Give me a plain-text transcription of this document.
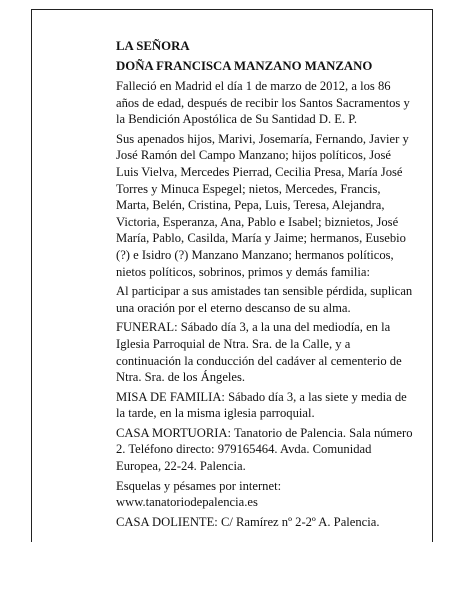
LA SEÑORA

DOÑA FRANCISCA MANZANO MANZANO

Falleció en Madrid el día 1 de marzo de 2012, a los 86 años de edad, después de recibir los Santos Sacramentos y la Bendición Apostólica de Su Santidad D. E. P.

Sus apenados hijos, Marivi, Josemaría, Fernando, Javier y José Ramón del Campo Manzano; hijos políticos, José Luis Vielva, Mercedes Pierrad, Cecilia Presa, María José Torres y Minuca Espegel; nietos, Mercedes, Francis, Marta, Belén, Cristina, Pepa, Luis, Teresa, Alejandra, Victoria, Esperanza, Ana, Pablo e Isabel; biznietos, José María, Pablo, Casilda, María y Jaime; hermanos, Eusebio (?) e Isidro (?) Manzano Manzano; hermanos políticos, nietos políticos, sobrinos, primos y demás familia:

Al participar a sus amistades tan sensible pérdida, suplican una oración por el eterno descanso de su alma.

FUNERAL: Sábado día 3, a la una del mediodía, en la Iglesia Parroquial de Ntra. Sra. de la Calle, y a continuación la conducción del cadáver al cementerio de Ntra. Sra. de los Ángeles.

MISA DE FAMILIA: Sábado día 3, a las siete y media de la tarde, en la misma iglesia parroquial.

CASA MORTUORIA: Tanatorio de Palencia. Sala número 2. Teléfono directo: 979165464. Avda. Comunidad Europea, 22-24. Palencia.

Esquelas y pésames por internet: www.tanatoriodepalencia.es

CASA DOLIENTE: C/ Ramírez nº 2-2º A. Palencia.
